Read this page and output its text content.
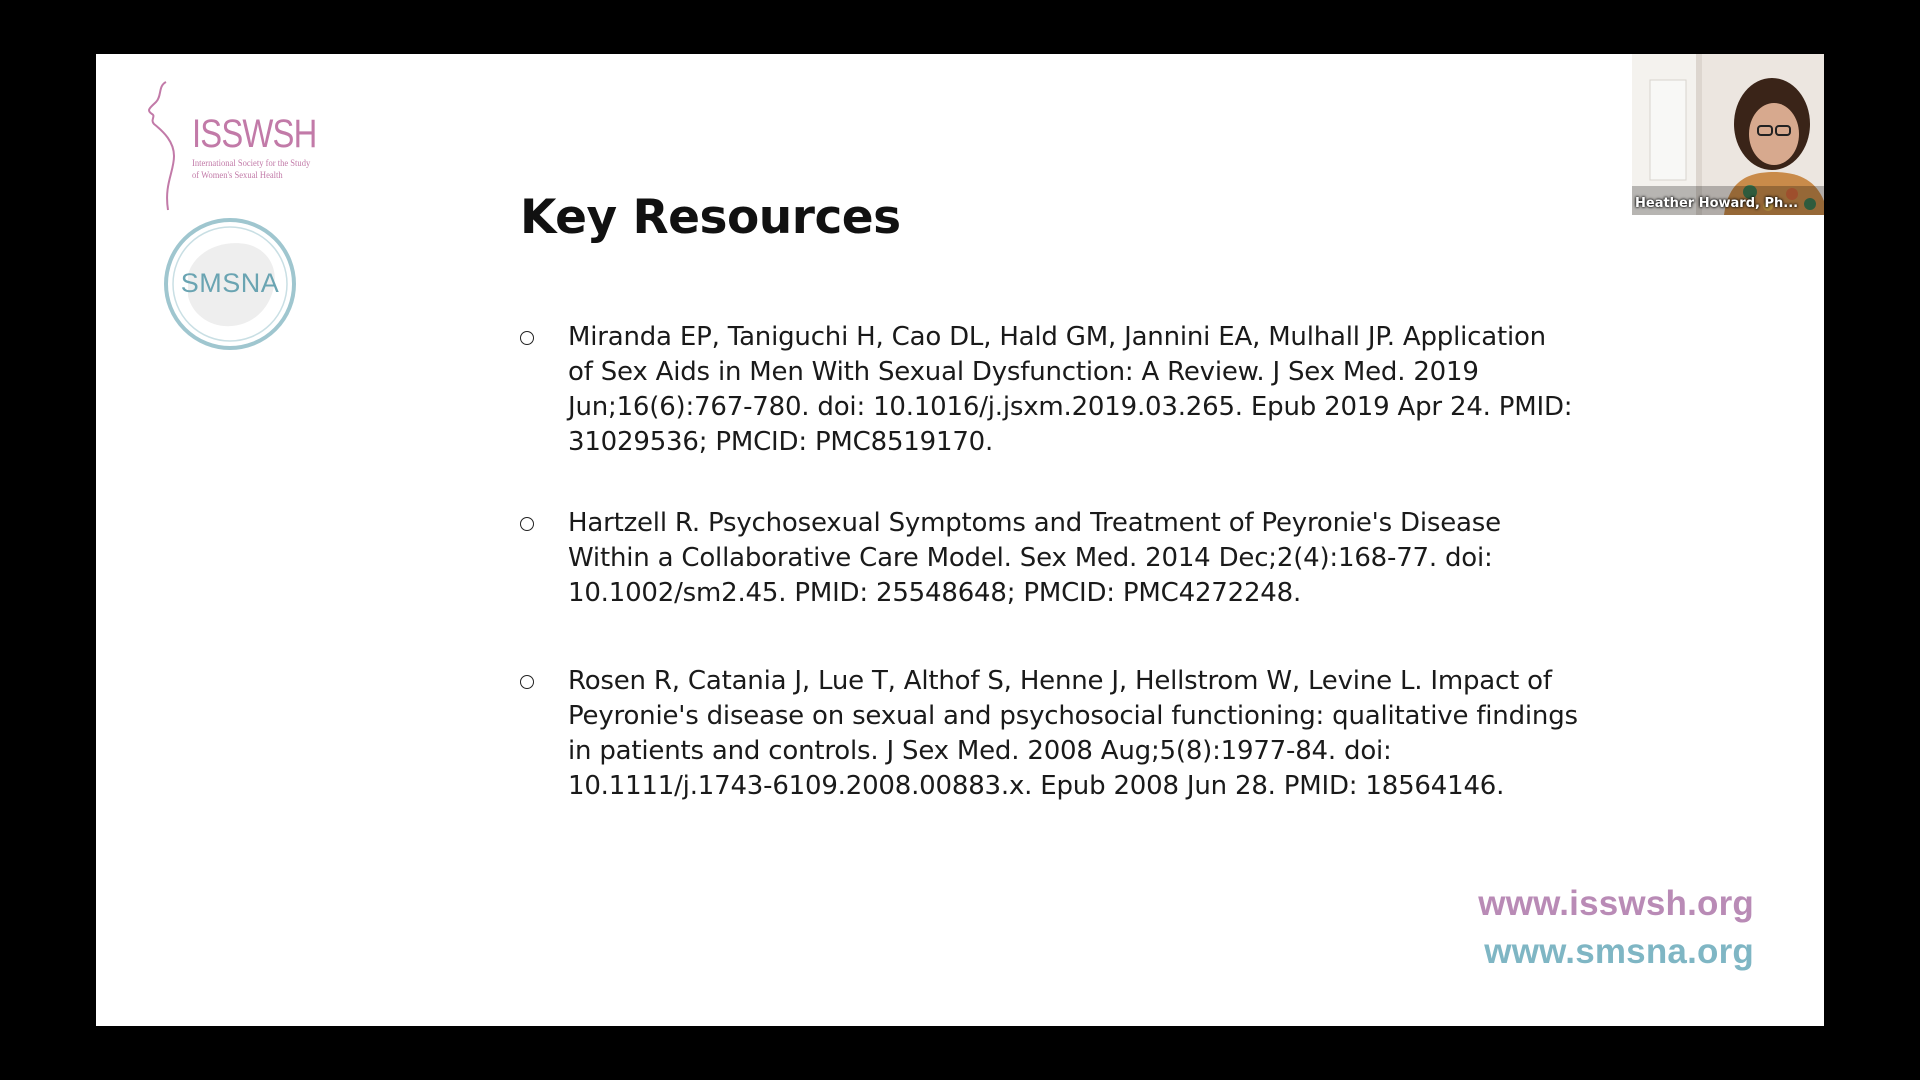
ISSWSH
International Society for the Study of Women's Sexual Health
SMSNA
Key Resources
Miranda EP, Taniguchi H, Cao DL, Hald GM, Jannini EA, Mulhall JP. Application of Sex Aids in Men With Sexual Dysfunction: A Review. J Sex Med. 2019 Jun;16(6):767-780. doi: 10.1016/j.jsxm.2019.03.265. Epub 2019 Apr 24. PMID: 31029536; PMCID: PMC8519170.
Hartzell R. Psychosexual Symptoms and Treatment of Peyronie's Disease Within a Collaborative Care Model. Sex Med. 2014 Dec;2(4):168-77. doi: 10.1002/sm2.45. PMID: 25548648; PMCID: PMC4272248.
Rosen R, Catania J, Lue T, Althof S, Henne J, Hellstrom W, Levine L. Impact of Peyronie's disease on sexual and psychosocial functioning: qualitative findings in patients and controls. J Sex Med. 2008 Aug;5(8):1977-84. doi: 10.1111/j.1743-6109.2008.00883.x. Epub 2008 Jun 28. PMID: 18564146.
www.isswsh.org
www.smsna.org
Heather Howard, Ph...
